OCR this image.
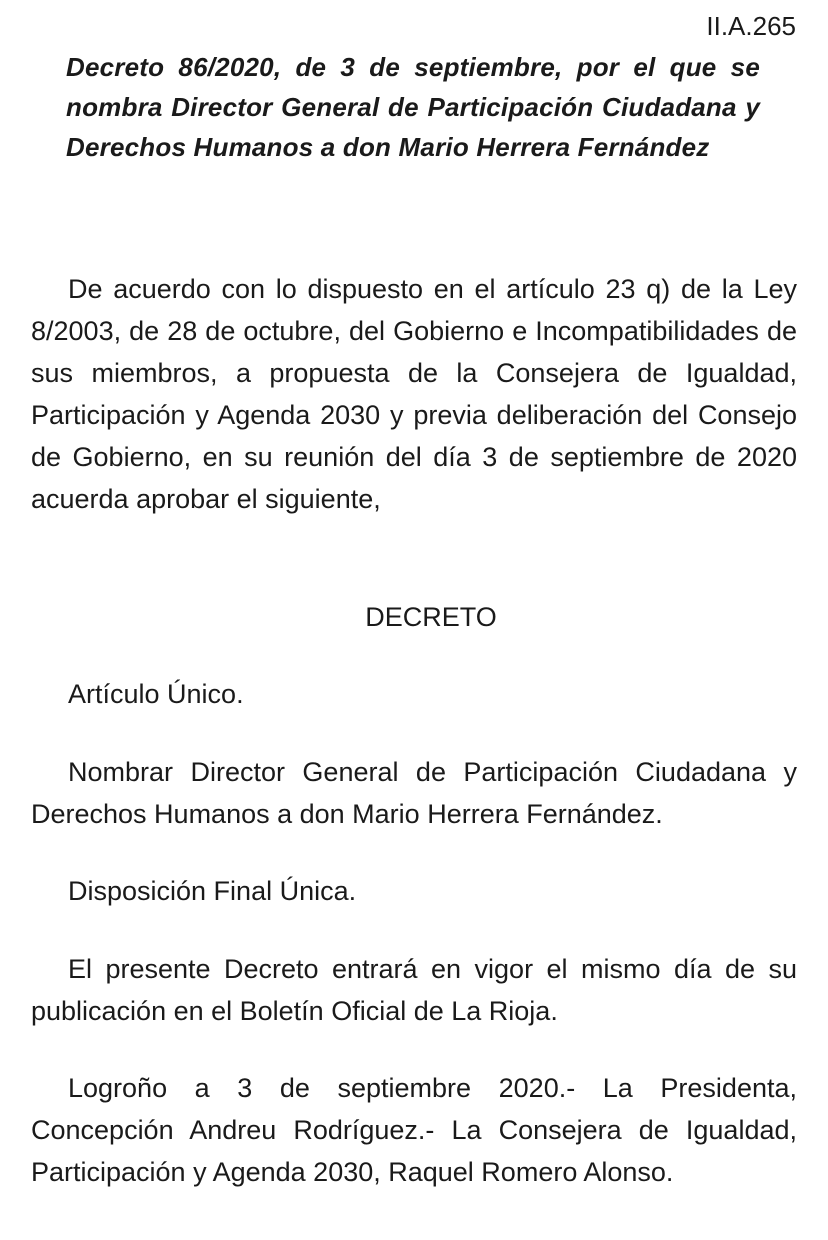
II.A.265

Decreto 86/2020, de 3 de septiembre, por el que se nombra Director General de Participación Ciudadana y Derechos Humanos a don Mario Herrera Fernández

De acuerdo con lo dispuesto en el artículo 23 q) de la Ley 8/2003, de 28 de octubre, del Gobierno e Incompatibilidades de sus miembros, a propuesta de la Consejera de Igualdad, Participación y Agenda 2030 y previa deliberación del Consejo de Gobierno, en su reunión del día 3 de septiembre de 2020 acuerda aprobar el siguiente,

DECRETO

Artículo Único.

Nombrar Director General de Participación Ciudadana y Derechos Humanos a don Mario Herrera Fernández.

Disposición Final Única.

El presente Decreto entrará en vigor el mismo día de su publicación en el Boletín Oficial de La Rioja.

Logroño a 3 de septiembre 2020.- La Presidenta, Concepción Andreu Rodríguez.- La Consejera de Igualdad, Participación y Agenda 2030, Raquel Romero Alonso.
